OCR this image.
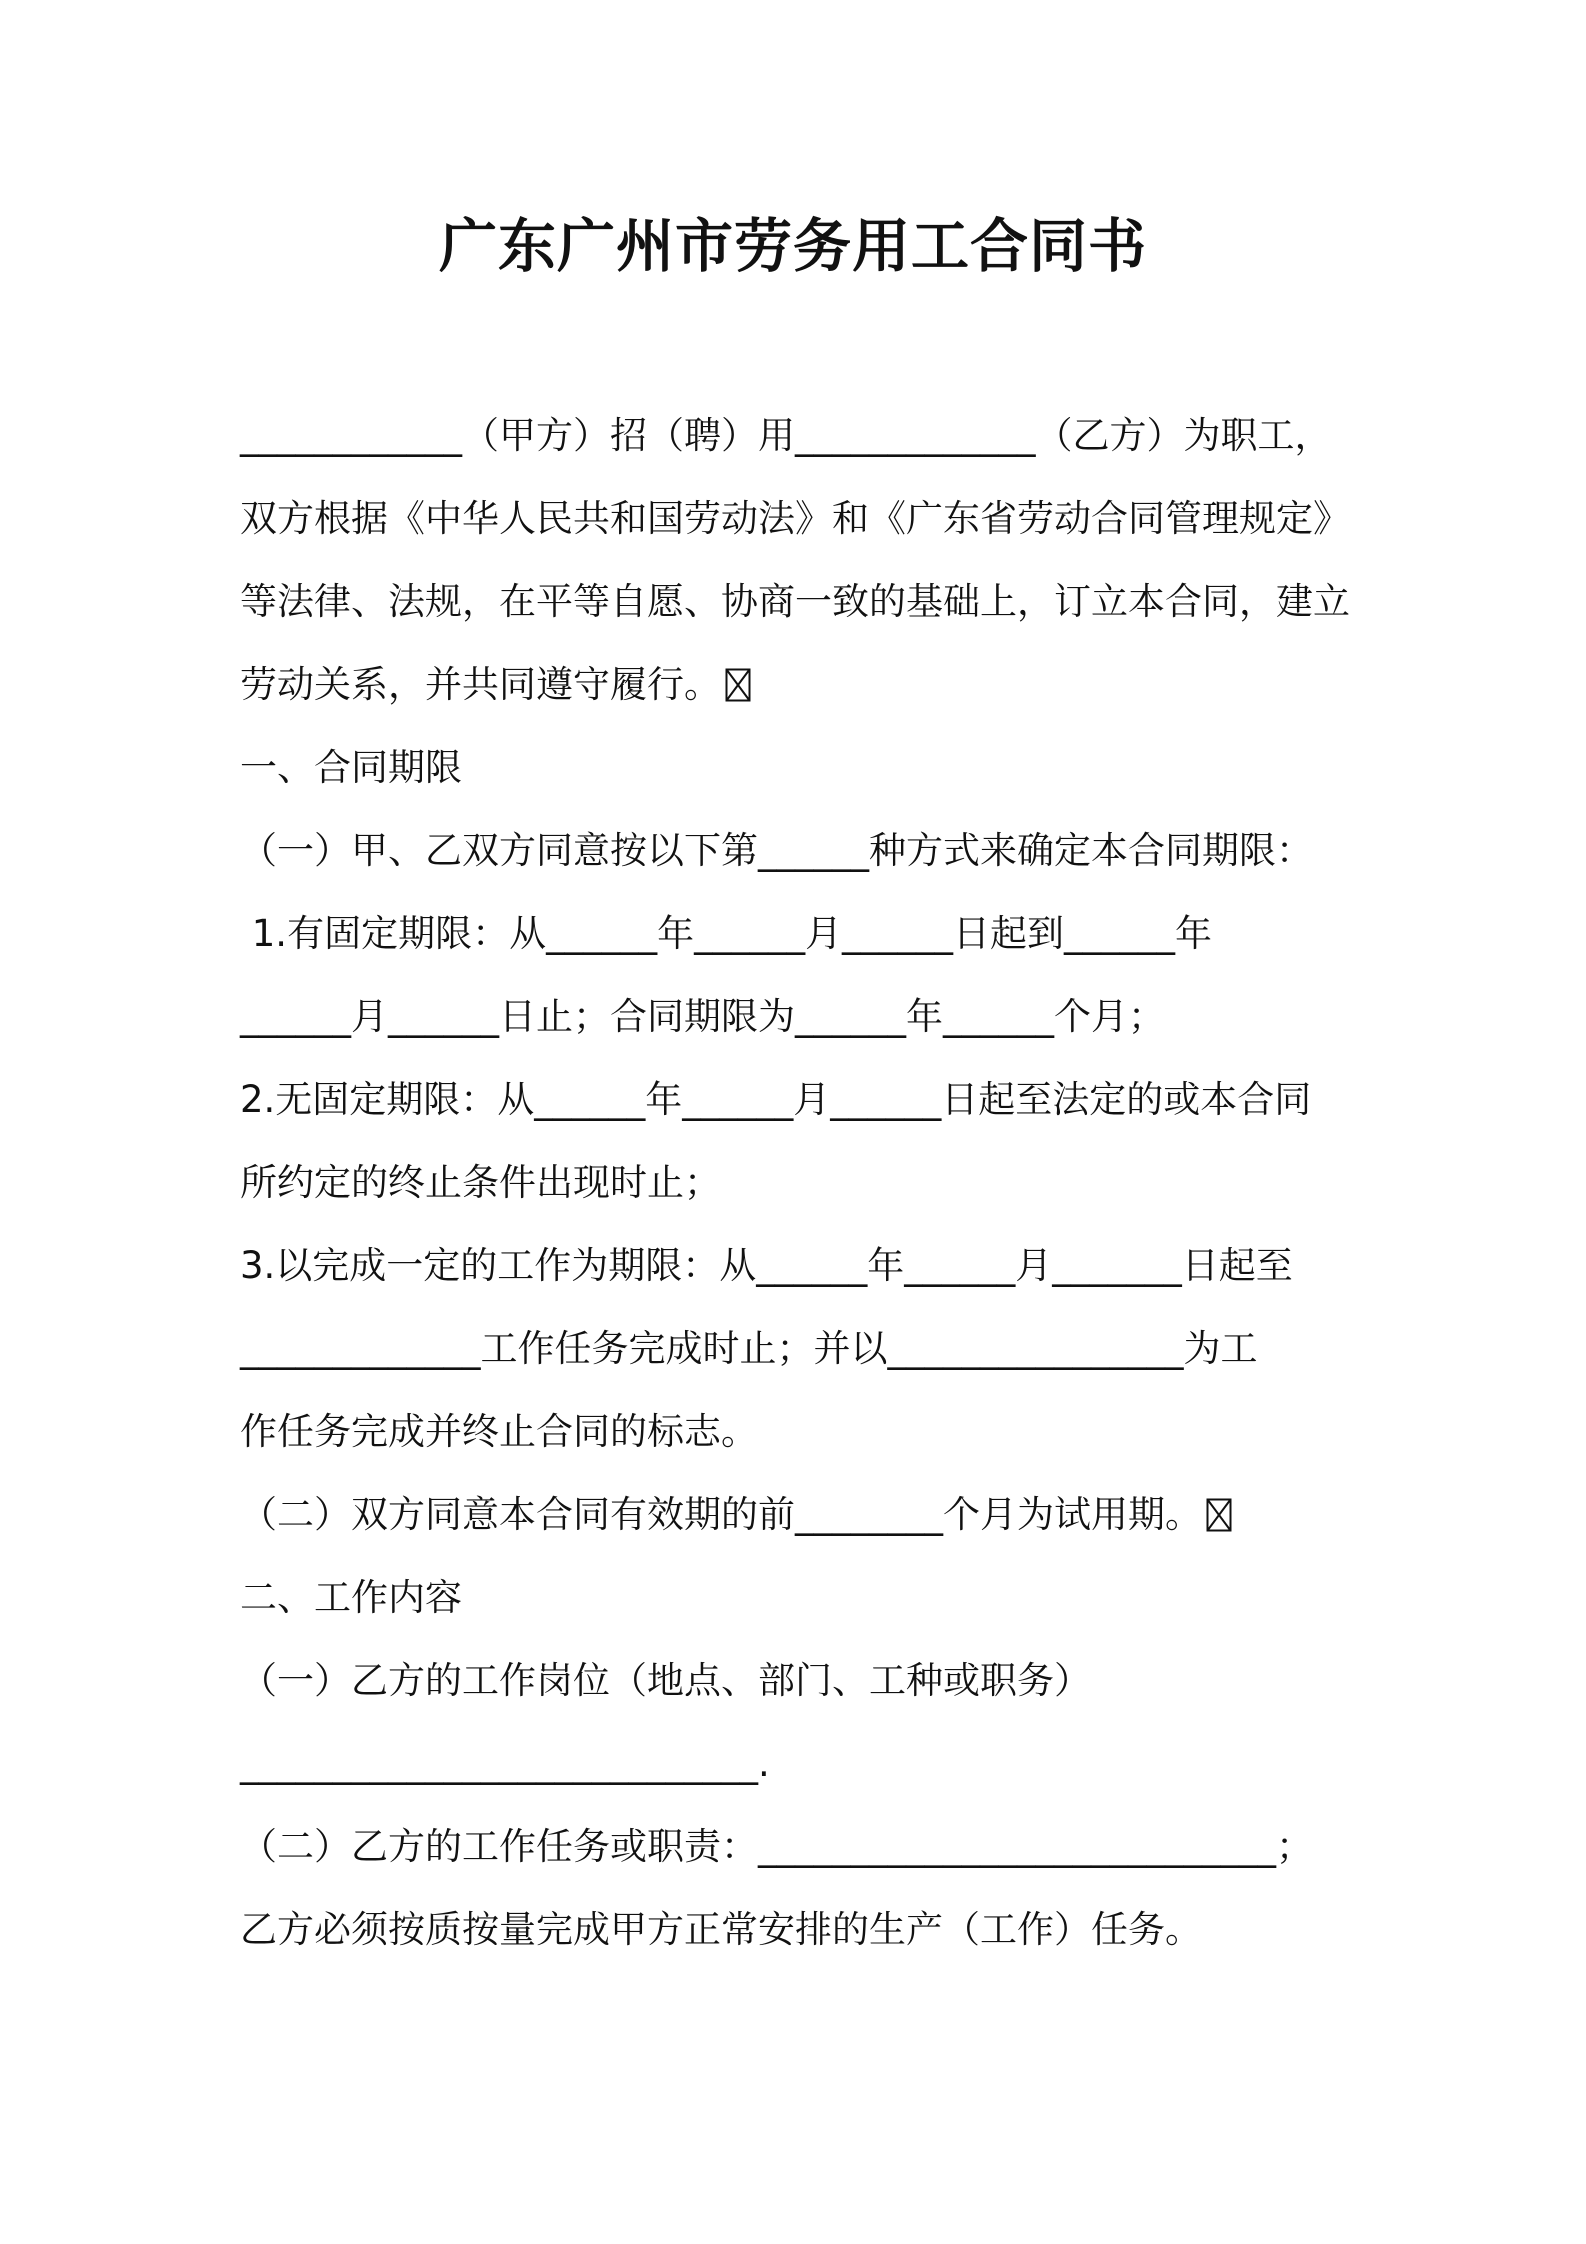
广东广州市劳务用工合同书

____________（甲方）招（聘）用_____________（乙方）为职工，

双方根据《中华人民共和国劳动法》和《广东省劳动合同管理规定》

等法律、法规，在平等自愿、协商一致的基础上，订立本合同，建立

劳动关系，并共同遵守履行。

一、合同期限

（一）甲、乙双方同意按以下第______种方式来确定本合同期限：

1.有固定期限：从______年______月______日起到______年

______月______日止；合同期限为______年______个月；

2.无固定期限：从______年______月______日起至法定的或本合同

所约定的终止条件出现时止；

3.以完成一定的工作为期限：从______年______月_______日起至

_____________工作任务完成时止；并以________________为工

作任务完成并终止合同的标志。

（二）双方同意本合同有效期的前________个月为试用期。

二、工作内容

（一）乙方的工作岗位（地点、部门、工种或职务）

____________________________.

（二）乙方的工作任务或职责：____________________________；

乙方必须按质按量完成甲方正常安排的生产（工作）任务。
